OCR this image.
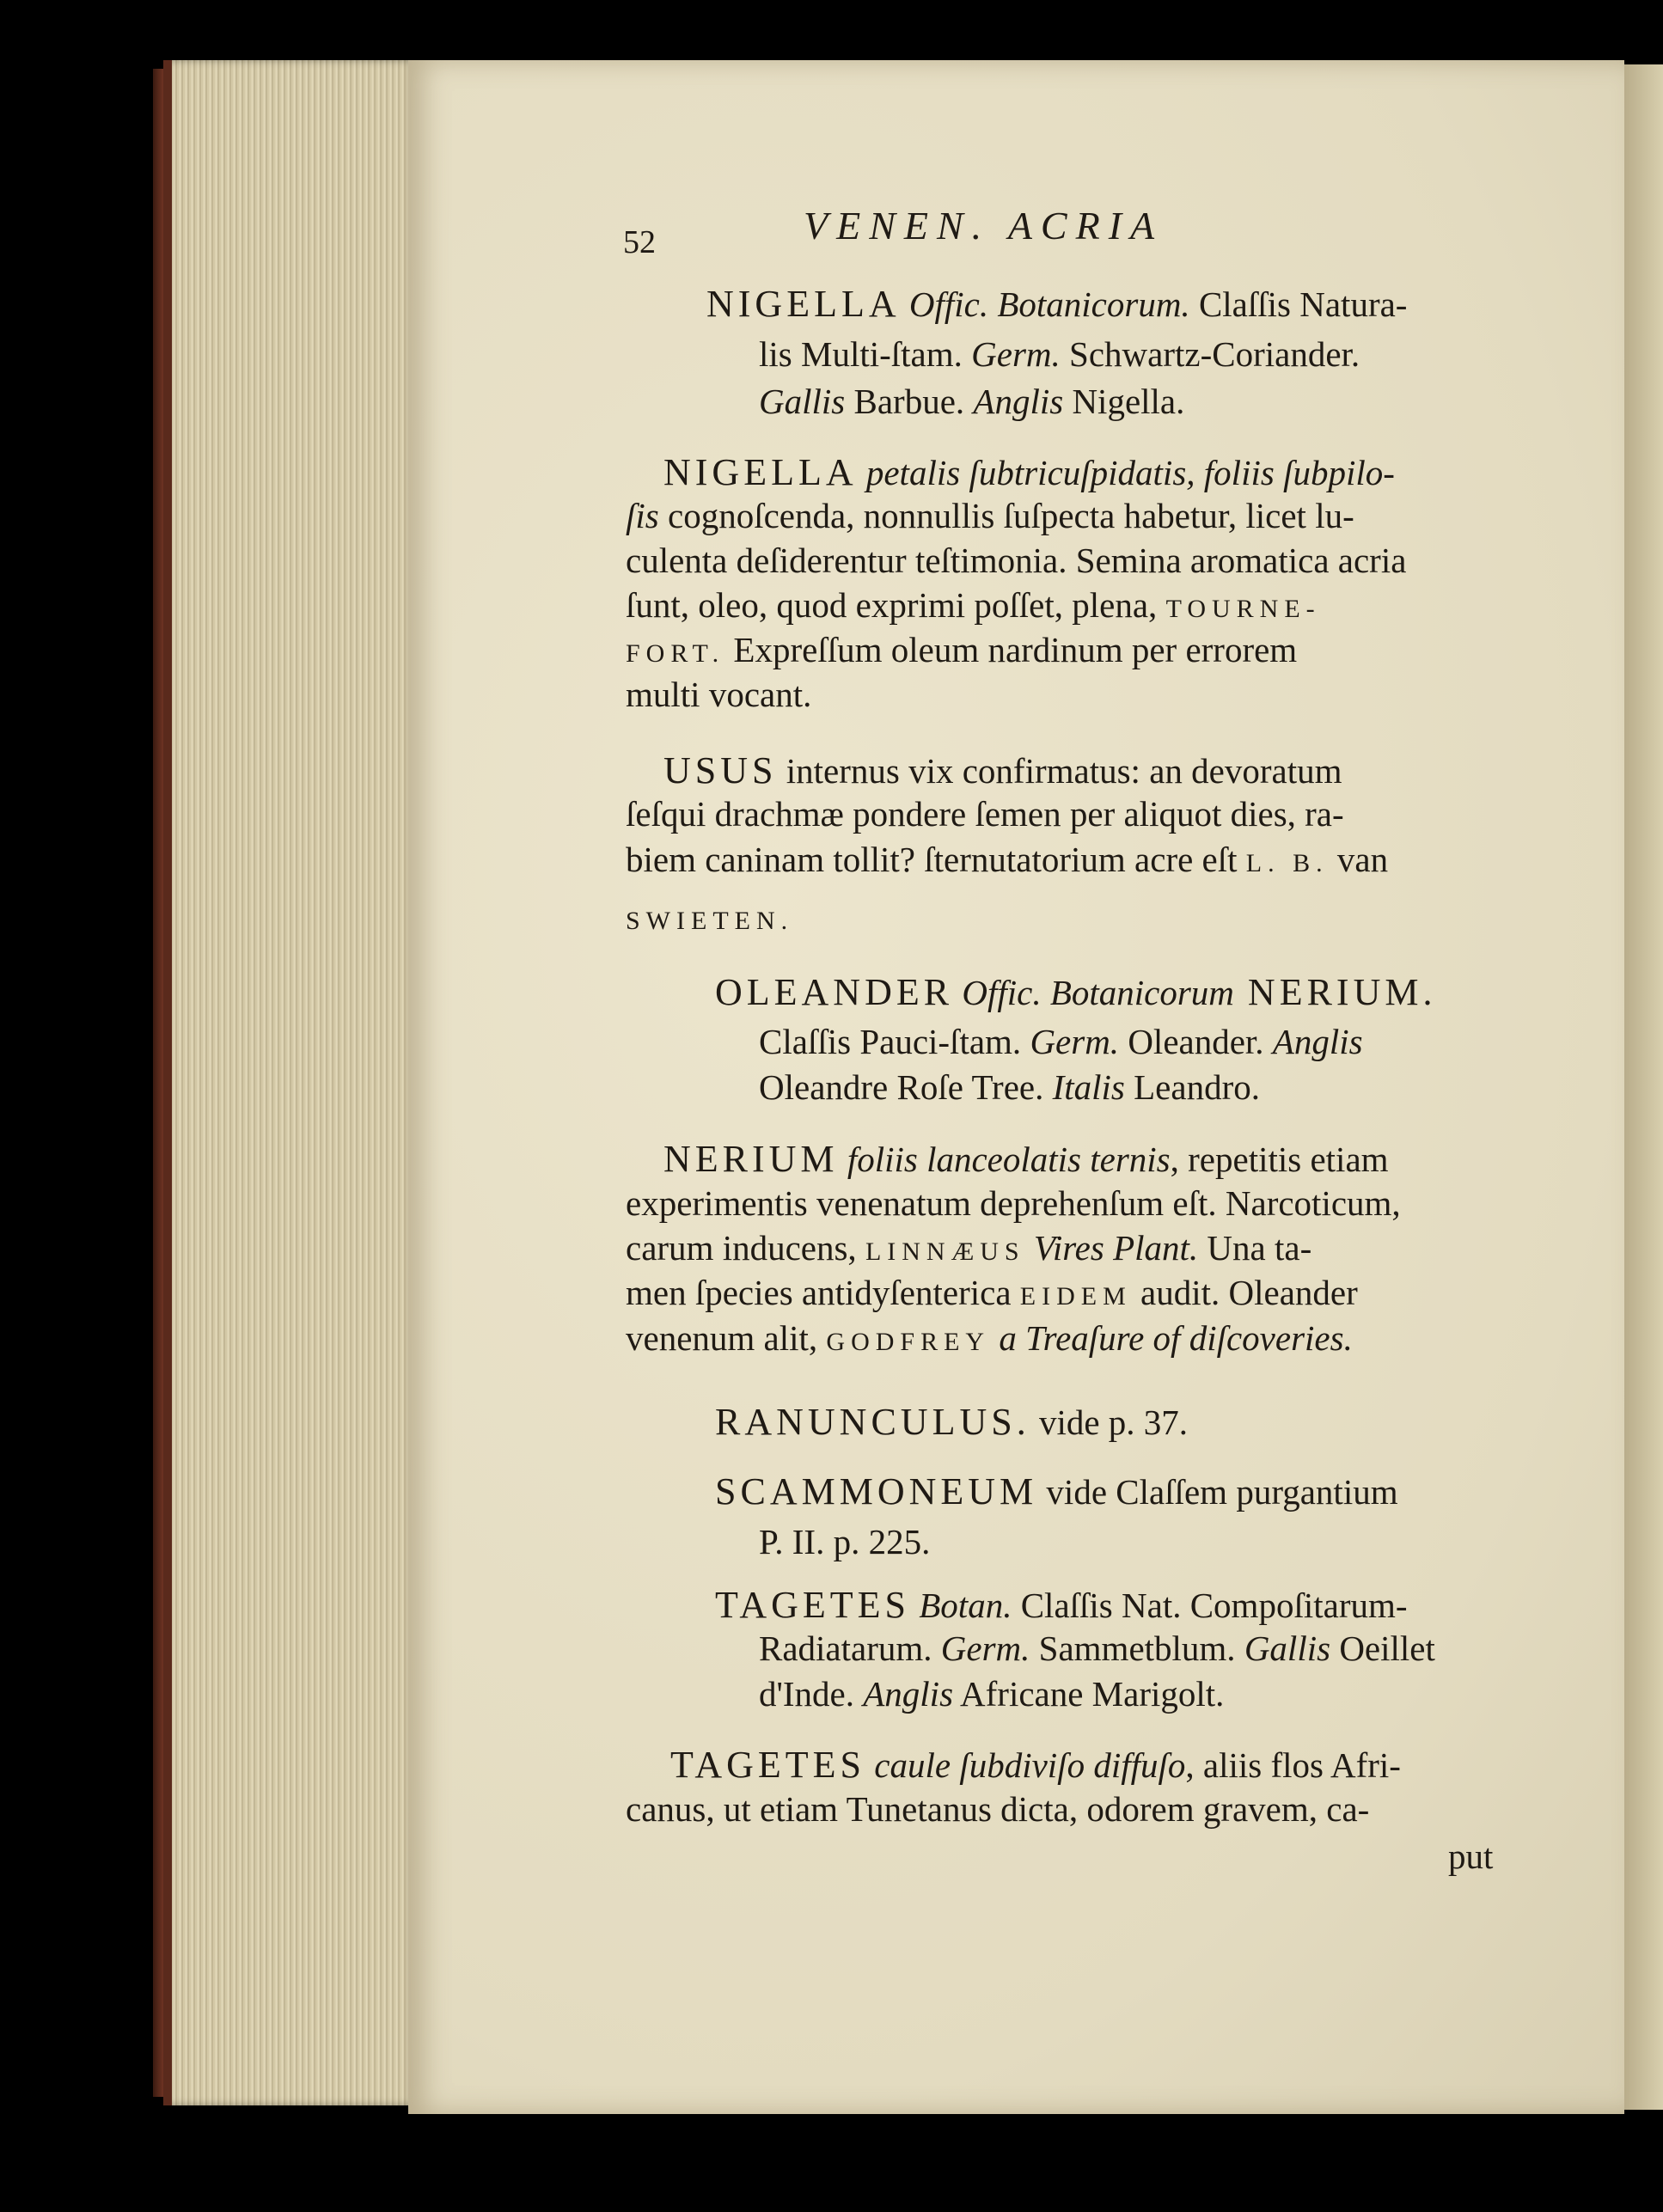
52	VENEN. ACRIA
NIGELLA Offic. Botanicorum. Claſſis Natura-
lis Multi-ſtam. Germ. Schwartz-Coriander.
Gallis Barbue. Anglis Nigella.
NIGELLA petalis ſubtricuſpidatis, foliis ſubpilo-
ſis cognoſcenda, nonnullis ſuſpecta habetur, licet lu-
culenta deſiderentur teſtimonia. Semina aromatica acria
ſunt, oleo, quod exprimi poſſet, plena, TOURNE-
FORT. Expreſſum oleum nardinum per errorem
multi vocant.
USUS internus vix confirmatus: an devoratum
ſeſqui drachmæ pondere ſemen per aliquot dies, ra-
biem caninam tollit? ſternutatorium acre eſt L. B. van
SWIETEN.
OLEANDER Offic. Botanicorum NERIUM.
Claſſis Pauci-ſtam. Germ. Oleander. Anglis
Oleandre Roſe Tree. Italis Leandro.
NERIUM foliis lanceolatis ternis, repetitis etiam
experimentis venenatum deprehenſum eſt. Narcoticum,
carum inducens, LINNÆUS Vires Plant. Una ta-
men ſpecies antidyſenterica EIDEM audit. Oleander
venenum alit, GODFREY a Treaſure of diſcoveries.
RANUNCULUS. vide p. 37.
SCAMMONEUM vide Claſſem purgantium
P. II. p. 225.
TAGETES Botan. Claſſis Nat. Compoſitarum-
Radiatarum. Germ. Sammetblum. Gallis Oeillet
d'Inde. Anglis Africane Marigolt.
TAGETES caule ſubdiviſo diffuſo, aliis flos Afri-
canus, ut etiam Tunetanus dicta, odorem gravem, ca-
put
